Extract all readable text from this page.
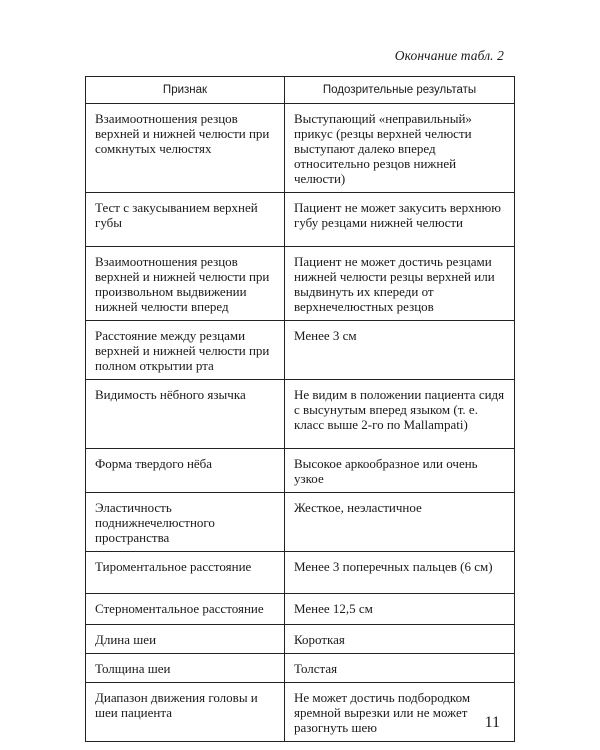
Окончание табл. 2
Признак	Подозрительные результаты
Взаимоотношения резцов верхней и нижней челюсти при сомкнутых челюстях	Выступающий «неправильный» прикус (резцы верхней челюсти выступают далеко вперед относительно резцов нижней челюсти)
Тест с закусыванием верхней губы	Пациент не может закусить верхнюю губу резцами нижней челюсти
Взаимоотношения резцов верхней и нижней челюсти при произвольном выдвижении нижней челюсти вперед	Пациент не может достичь резцами нижней челюсти резцы верхней или выдвинуть их кпереди от верхнечелюстных резцов
Расстояние между резцами верхней и нижней челюсти при полном открытии рта	Менее 3 см
Видимость нёбного язычка	Не видим в положении пациента сидя с высунутым вперед языком (т. е. класс выше 2-го по Mallampati)
Форма твердого нёба	Высокое аркообразное или очень узкое
Эластичность поднижнечелюстного пространства	Жесткое, неэластичное
Тироментальное расстояние	Менее 3 поперечных пальцев (6 см)
Стерноментальное расстояние	Менее 12,5 см
Длина шеи	Короткая
Толщина шеи	Толстая
Диапазон движения головы и шеи пациента	Не может достичь подбородком яремной вырезки или не может разогнуть шею	11
